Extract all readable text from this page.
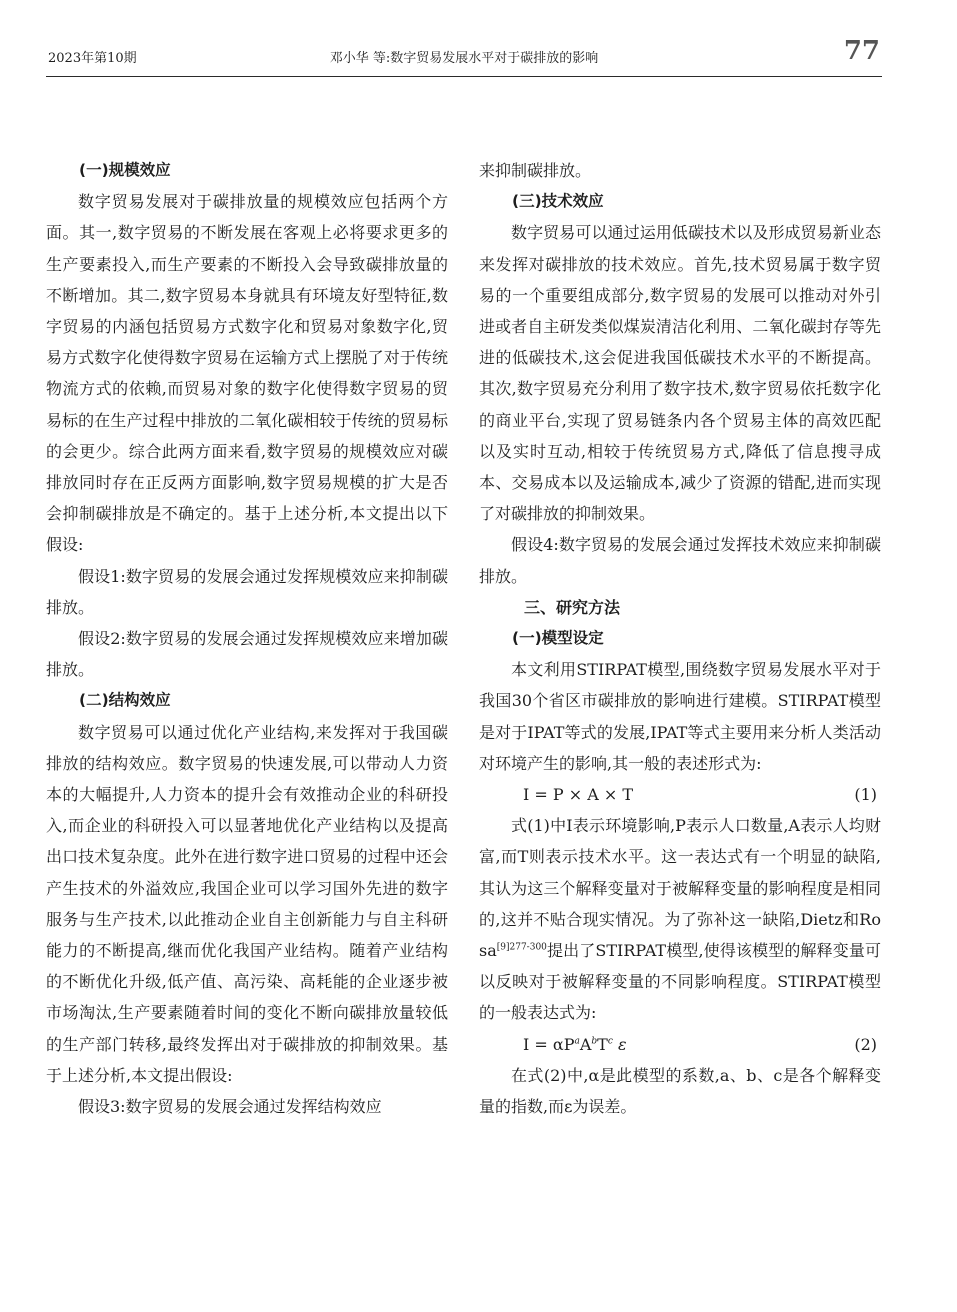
2023年第10期	邓小华 等:数字贸易发展水平对于碳排放的影响	77
(一)规模效应

数字贸易发展对于碳排放量的规模效应包括两个方面。其一,数字贸易的不断发展在客观上必将要求更多的生产要素投入,而生产要素的不断投入会导致碳排放量的不断增加。其二,数字贸易本身就具有环境友好型特征,数字贸易的内涵包括贸易方式数字化和贸易对象数字化,贸易方式数字化使得数字贸易在运输方式上摆脱了对于传统物流方式的依赖,而贸易对象的数字化使得数字贸易的贸易标的在生产过程中排放的二氧化碳相较于传统的贸易标的会更少。综合此两方面来看,数字贸易的规模效应对碳排放同时存在正反两方面影响,数字贸易规模的扩大是否会抑制碳排放是不确定的。基于上述分析,本文提出以下假设:

假设1:数字贸易的发展会通过发挥规模效应来抑制碳排放。

假设2:数字贸易的发展会通过发挥规模效应来增加碳排放。

(二)结构效应

数字贸易可以通过优化产业结构,来发挥对于我国碳排放的结构效应。数字贸易的快速发展,可以带动人力资本的大幅提升,人力资本的提升会有效推动企业的科研投入,而企业的科研投入可以显著地优化产业结构以及提高出口技术复杂度。此外在进行数字进口贸易的过程中还会产生技术的外溢效应,我国企业可以学习国外先进的数字服务与生产技术,以此推动企业自主创新能力与自主科研能力的不断提高,继而优化我国产业结构。随着产业结构的不断优化升级,低产值、高污染、高耗能的企业逐步被市场淘汰,生产要素随着时间的变化不断向碳排放量较低的生产部门转移,最终发挥出对于碳排放的抑制效果。基于上述分析,本文提出假设:

假设3:数字贸易的发展会通过发挥结构效应

来抑制碳排放。

(三)技术效应

数字贸易可以通过运用低碳技术以及形成贸易新业态来发挥对碳排放的技术效应。首先,技术贸易属于数字贸易的一个重要组成部分,数字贸易的发展可以推动对外引进或者自主研发类似煤炭清洁化利用、二氧化碳封存等先进的低碳技术,这会促进我国低碳技术水平的不断提高。其次,数字贸易充分利用了数字技术,数字贸易依托数字化的商业平台,实现了贸易链条内各个贸易主体的高效匹配以及实时互动,相较于传统贸易方式,降低了信息搜寻成本、交易成本以及运输成本,减少了资源的错配,进而实现了对碳排放的抑制效果。

假设4:数字贸易的发展会通过发挥技术效应来抑制碳排放。

三、研究方法
(一)模型设定

本文利用STIRPAT模型,围绕数字贸易发展水平对于我国30个省区市碳排放的影响进行建模。STIRPAT模型是对于IPAT等式的发展,IPAT等式主要用来分析人类活动对环境产生的影响,其一般的表述形式为:

I = P × A × T	(1)

式(1)中I表示环境影响,P表示人口数量,A表示人均财富,而T则表示技术水平。这一表达式有一个明显的缺陷,其认为这三个解释变量对于被解释变量的影响程度是相同的,这并不贴合现实情况。为了弥补这一缺陷,Dietz和Rosa$^{[9]277-300}$提出了STIRPAT模型,使得该模型的解释变量可以反映对于被解释变量的不同影响程度。STIRPAT模型的一般表达式为:

$I = \alpha P^aA^bT^c$ ε	(2)

在式(2)中,α是此模型的系数,a、b、c是各个解释变量的指数,而ε为误差。
